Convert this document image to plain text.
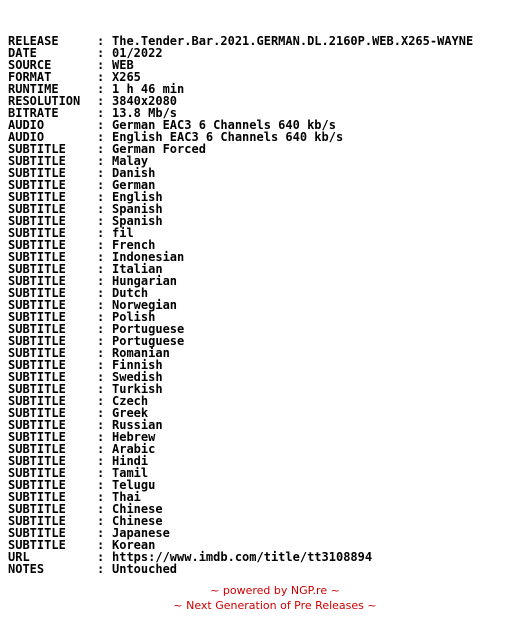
RELEASE	: The.Tender.Bar.2021.GERMAN.DL.2160P.WEB.X265-WAYNE
DATE	: 01/2022
SOURCE	: WEB
FORMAT	: X265
RUNTIME	: 1 h 46 min
RESOLUTION	: 3840x2080
BITRATE	: 13.8 Mb/s
AUDIO	: German EAC3 6 Channels 640 kb/s
AUDIO	: English EAC3 6 Channels 640 kb/s
SUBTITLE	: German Forced
SUBTITLE	: Malay
SUBTITLE	: Danish
SUBTITLE	: German
SUBTITLE	: English
SUBTITLE	: Spanish
SUBTITLE	: Spanish
SUBTITLE	: fil
SUBTITLE	: French
SUBTITLE	: Indonesian
SUBTITLE	: Italian
SUBTITLE	: Hungarian
SUBTITLE	: Dutch
SUBTITLE	: Norwegian
SUBTITLE	: Polish
SUBTITLE	: Portuguese
SUBTITLE	: Portuguese
SUBTITLE	: Romanian
SUBTITLE	: Finnish
SUBTITLE	: Swedish
SUBTITLE	: Turkish
SUBTITLE	: Czech
SUBTITLE	: Greek
SUBTITLE	: Russian
SUBTITLE	: Hebrew
SUBTITLE	: Arabic
SUBTITLE	: Hindi
SUBTITLE	: Tamil
SUBTITLE	: Telugu
SUBTITLE	: Thai
SUBTITLE	: Chinese
SUBTITLE	: Chinese
SUBTITLE	: Japanese
SUBTITLE	: Korean
URL	: https://www.imdb.com/title/tt3108894
NOTES	: Untouched

~ powered by NGP.re ~
~ Next Generation of Pre Releases ~
